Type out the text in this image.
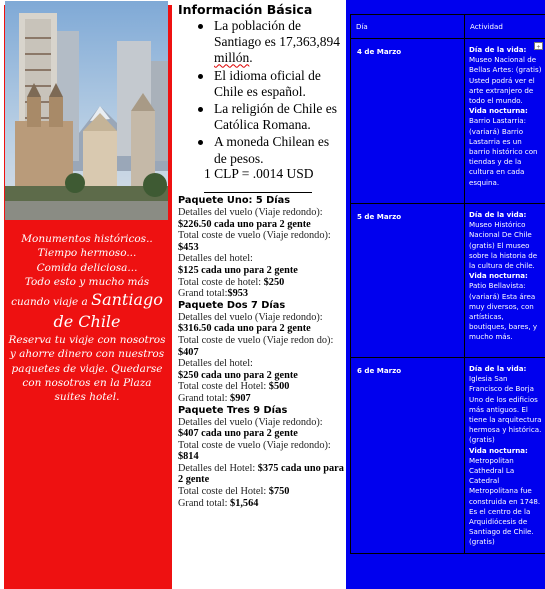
Monumentos históricos..
Tiempo hermoso...
Comida deliciosa...
Todo esto y mucho más
cuando viaje a Santiago
de Chile
Reserva tu viaje con nosotros y ahorre dinero con nuestros paquetes de viaje. Quedarse con nosotros en la Plaza suites hotel.
Información Básica
La población de Santiago es 17,363,894 millón.
El idioma oficial de Chile es español.
La religión de Chile es Católica Romana.
A moneda Chilean es de pesos.
1 CLP = .0014 USD
Paquete Uno: 5 Días
Detalles del vuelo (Viaje redondo):
$226.50 cada uno para 2 gente
Total coste de vuelo (Viaje redondo):
$453
Detalles del hotel:
$125 cada uno para 2 gente
Total coste de hotel: $250
Grand total:$953
Paquete Dos 7 Días
Detalles del vuelo (Viaje redondo):
$316.50 cada uno para 2 gente
Total coste de vuelo (Viaje redon do): $407
Detalles del hotel:
$250 cada uno para 2 gente
Total coste del Hotel: $500
Grand total: $907
Paquete Tres 9 Días
Detalles del vuelo (Viaje redondo):
$407 cada uno para 2 gente
Total coste de vuelo (Viaje redondo):
$814
Detalles del Hotel: $375 cada uno para 2 gente
Total coste del Hotel: $750
Grand total: $1,564
Día	Actividad
4 de Marzo	Día de la vida:
Museo Nacional de Bellas Artes: (gratis) Usted podrá ver el arte extranjero de todo el mundo.
Vida nocturna:
Barrio Lastarria: (variará) Barrio Lastarria es un barrio histórico con tiendas y de la cultura en cada esquina.

5 de Marzo	Día de la vida:
Museo Histórico Nacional De Chile (gratis) El museo sobre la historia de la cultura de chile.
Vida nocturna:
Patio Bellavista: (variará) Esta área muy diversos, con artísticas, boutiques, bares, y mucho más.

6 de Marzo	Día de la vida:
Iglesia San Francisco de Borja Uno de los edificios más antiguos. El tiene la arquitectura hermosa y histórica.(gratis)
Vida nocturna:
Metropolitan Cathedral La Catedral Metropolitana fue construida en 1748. Es el centro de la Arquidiócesis de Santiago de Chile. (gratis)
+
